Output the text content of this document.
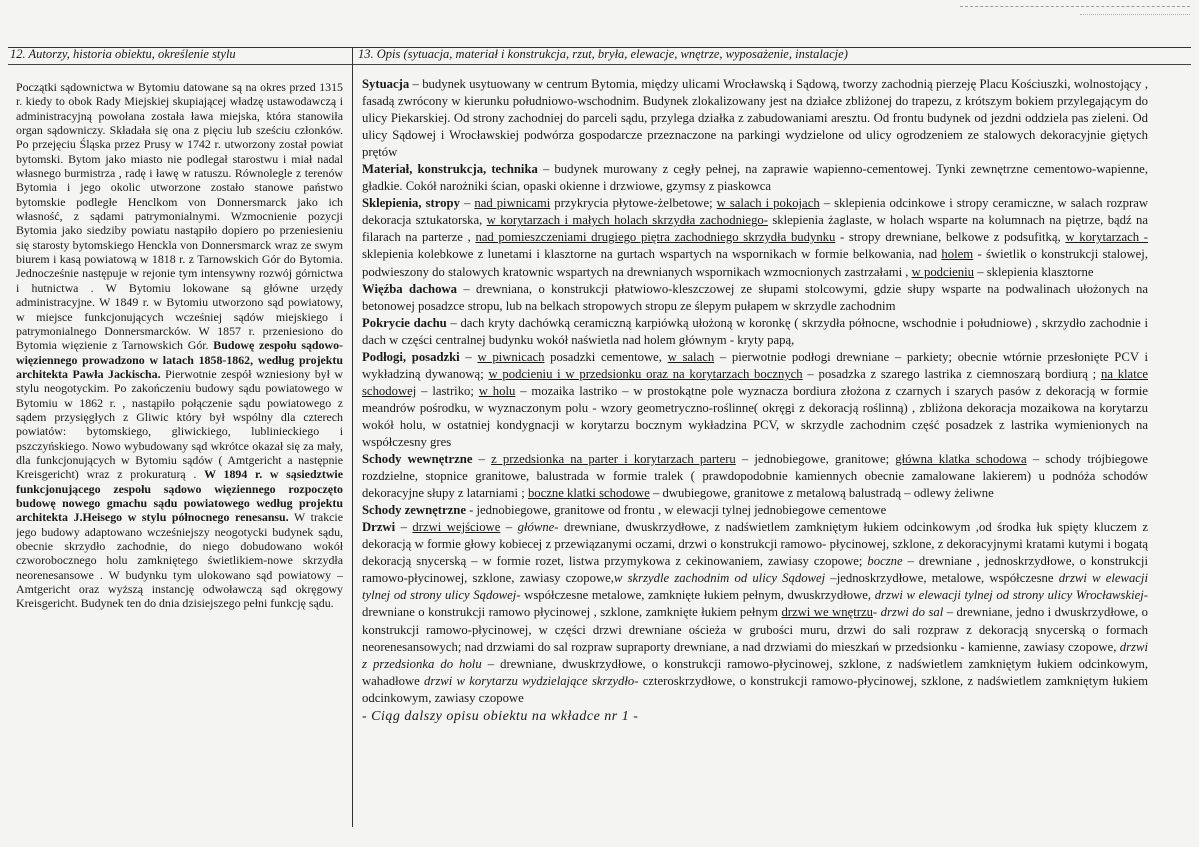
12. Autorzy, historia obiektu, określenie stylu	13. Opis (sytuacja, materiał i konstrukcja, rzut, bryła, elewacje, wnętrze, wyposażenie, instalacje)
Początki sądownictwa w Bytomiu datowane są na okres przed 1315 r. kiedy to obok Rady Miejskiej skupiającej władzę ustawodawczą i administracyjną powołana została ława miejska, która stanowiła organ sądowniczy. Składała się ona z pięciu lub sześciu członków. Po przejęciu Śląska przez Prusy w 1742 r. utworzony został powiat bytomski. Bytom jako miasto nie podlegał starostwu i miał nadal własnego burmistrza , radę i ławę w ratuszu. Równolegle z terenów Bytomia i jego okolic utworzone zostało stanowe państwo bytomskie podległe Henclkom von Donnersmarck jako ich własność, z sądami patrymonialnymi. Wzmocnienie pozycji Bytomia jako siedziby powiatu nastąpiło dopiero po przeniesieniu się starosty bytomskiego Henckla von Donnersmarck wraz ze swym biurem i kasą powiatową w 1818 r. z Tarnowskich Gór do Bytomia. Jednocześnie następuje w rejonie tym intensywny rozwój górnictwa i hutnictwa . W Bytomiu lokowane są główne urzędy administracyjne. W 1849 r. w Bytomiu utworzono sąd powiatowy, w miejsce funkcjonujących wcześniej sądów miejskiego i patrymonialnego Donnersmarcków. W 1857 r. przeniesiono do Bytomia więzienie z Tarnowskich Gór. Budowę zespołu sądowo- więziennego prowadzono w latach 1858-1862, według projektu architekta Pawła Jackischa. Pierwotnie zespół wzniesiony był w stylu neogotyckim. Po zakończeniu budowy sądu powiatowego w Bytomiu w 1862 r. , nastąpiło połączenie sądu powiatowego z sądem przysięgłych z Gliwic który był wspólny dla czterech powiatów: bytomskiego, gliwickiego, lublinieckiego i pszczyńskiego. Nowo wybudowany sąd wkrótce okazał się za mały, dla funkcjonujących w Bytomiu sądów ( Amtgericht a następnie Kreisgericht) wraz z prokuraturą . W 1894 r. w sąsiedztwie funkcjonującego zespołu sądowo więziennego rozpoczęto budowę nowego gmachu sądu powiatowego według projektu architekta J.Heisego w stylu północnego renesansu. W trakcie jego budowy adaptowano wcześniejszy neogotycki budynek sądu, obecnie skrzydło zachodnie, do niego dobudowano wokół czworobocznego holu zamkniętego świetlikiem-nowe skrzydła neorenesansowe . W budynku tym ulokowano sąd powiatowy –Amtgericht oraz wyższą instancję odwoławczą sąd okręgowy Kreisgericht. Budynek ten do dnia dzisiejszego pełni funkcję sądu.
Sytuacja – budynek usytuowany w centrum Bytomia, między ulicami Wrocławską i Sądową, tworzy zachodnią pierzeję Placu Kościuszki, wolnostojący , fasadą zwrócony w kierunku południowo-wschodnim. Budynek zlokalizowany jest na działce zbliżonej do trapezu, z krótszym bokiem przylegającym do ulicy Piekarskiej. Od strony zachodniej do parceli sądu, przylega działka z zabudowaniami aresztu. Od frontu budynek od jezdni oddziela pas zieleni. Od ulicy Sądowej i Wrocławskiej podwórza gospodarcze przeznaczone na parkingi wydzielone od ulicy ogrodzeniem ze stalowych dekoracyjnie giętych prętów
Materiał, konstrukcja, technika – budynek murowany z cegły pełnej, na zaprawie wapienno-cementowej. Tynki zewnętrzne cementowo-wapienne, gładkie. Cokół narożniki ścian, opaski okienne i drzwiowe, gzymsy z piaskowca
Sklepienia, stropy – nad piwnicami przykrycia płytowe-żelbetowe; w salach i pokojach – sklepienia odcinkowe i stropy ceramiczne, w salach rozpraw dekoracja sztukatorska, w korytarzach i małych holach skrzydła zachodniego- sklepienia żaglaste, w holach wsparte na kolumnach na piętrze, bądź na filarach na parterze , nad pomieszczeniami drugiego piętra zachodniego skrzydła budynku - stropy drewniane, belkowe z podsufitką, w korytarzach - sklepienia kolebkowe z lunetami i klasztorne na gurtach wspartych na wspornikach w formie belkowania, nad holem - świetlik o konstrukcji stalowej, podwieszony do stalowych kratownic wspartych na drewnianych wspornikach wzmocnionych zastrzałami , w podcieniu – sklepienia klasztorne
Więźba dachowa – drewniana, o konstrukcji płatwiowo-kleszczowej ze słupami stolcowymi, gdzie słupy wsparte na podwalinach ułożonych na betonowej posadzce stropu, lub na belkach stropowych stropu ze ślepym pułapem w skrzydle zachodnim
Pokrycie dachu – dach kryty dachówką ceramiczną karpiówką ułożoną w koronkę ( skrzydła północne, wschodnie i południowe) , skrzydło zachodnie i dach w części centralnej budynku wokół naświetla nad holem głównym - kryty papą,
Podłogi, posadzki – w piwnicach posadzki cementowe, w salach – pierwotnie podłogi drewniane – parkiety; obecnie wtórnie przesłonięte PCV i wykładziną dywanową; w podcieniu i w przedsionku oraz na korytarzach bocznych – posadzka z szarego lastrika z ciemnoszarą bordiurą ; na klatce schodowej – lastriko; w holu – mozaika lastriko – w prostokątne pole wyznacza bordiura złożona z czarnych i szarych pasów z dekoracją w formie meandrów pośrodku, w wyznaczonym polu - wzory geometryczno-roślinne( okręgi z dekoracją roślinną) , zbliżona dekoracja mozaikowa na korytarzu wokół holu, w ostatniej kondygnacji w korytarzu bocznym wykładzina PCV, w skrzydle zachodnim część posadzek z lastrika wymienionych na współczesny gres
Schody wewnętrzne – z przedsionka na parter i korytarzach parteru – jednobiegowe, granitowe; główna klatka schodowa – schody trójbiegowe rozdzielne, stopnice granitowe, balustrada w formie tralek ( prawdopodobnie kamiennych obecnie zamalowane lakierem) u podnóża schodów dekoracyjne słupy z latarniami ; boczne klatki schodowe – dwubiegowe, granitowe z metalową balustradą – odlewy żeliwne
Schody zewnętrzne - jednobiegowe, granitowe od frontu , w elewacji tylnej jednobiegowe cementowe
Drzwi – drzwi wejściowe – główne- drewniane, dwuskrzydłowe, z nadświetlem zamkniętym łukiem odcinkowym ,od środka łuk spięty kluczem z dekoracją w formie głowy kobiecej z przewiązanymi oczami, drzwi o konstrukcji ramowo- płycinowej, szklone, z dekoracyjnymi kratami kutymi i bogatą dekoracją snycerską – w formie rozet, listwa przymykowa z cekinowaniem, zawiasy czopowe; boczne – drewniane , jednoskrzydłowe, o konstrukcji ramowo-płycinowej, szklone, zawiasy czopowe,w skrzydle zachodnim od ulicy Sądowej –jednoskrzydłowe, metalowe, współczesne drzwi w elewacji tylnej od strony ulicy Sądowej- współczesne metalowe, zamknięte łukiem pełnym, dwuskrzydłowe, drzwi w elewacji tylnej od strony ulicy Wrocławskiej-drewniane o konstrukcji ramowo płycinowej , szklone, zamknięte łukiem pełnym drzwi we wnętrzu- drzwi do sal – drewniane, jedno i dwuskrzydłowe, o konstrukcji ramowo-płycinowej, w części drzwi drewniane ościeża w grubości muru, drzwi do sali rozpraw z dekoracją snycerską o formach neorenesansowych; nad drzwiami do sal rozpraw supraporty drewniane, a nad drzwiami do mieszkań w przedsionku - kamienne, zawiasy czopowe, drzwi z przedsionka do holu – drewniane, dwuskrzydłowe, o konstrukcji ramowo-płycinowej, szklone, z nadświetlem zamkniętym łukiem odcinkowym, wahadłowe drzwi w korytarzu wydzielające skrzydło- czteroskrzydłowe, o konstrukcji ramowo-płycinowej, szklone, z nadświetlem zamkniętym łukiem odcinkowym, zawiasy czopowe
- Ciąg dalszy opisu obiektu na wkładce nr 1 -
